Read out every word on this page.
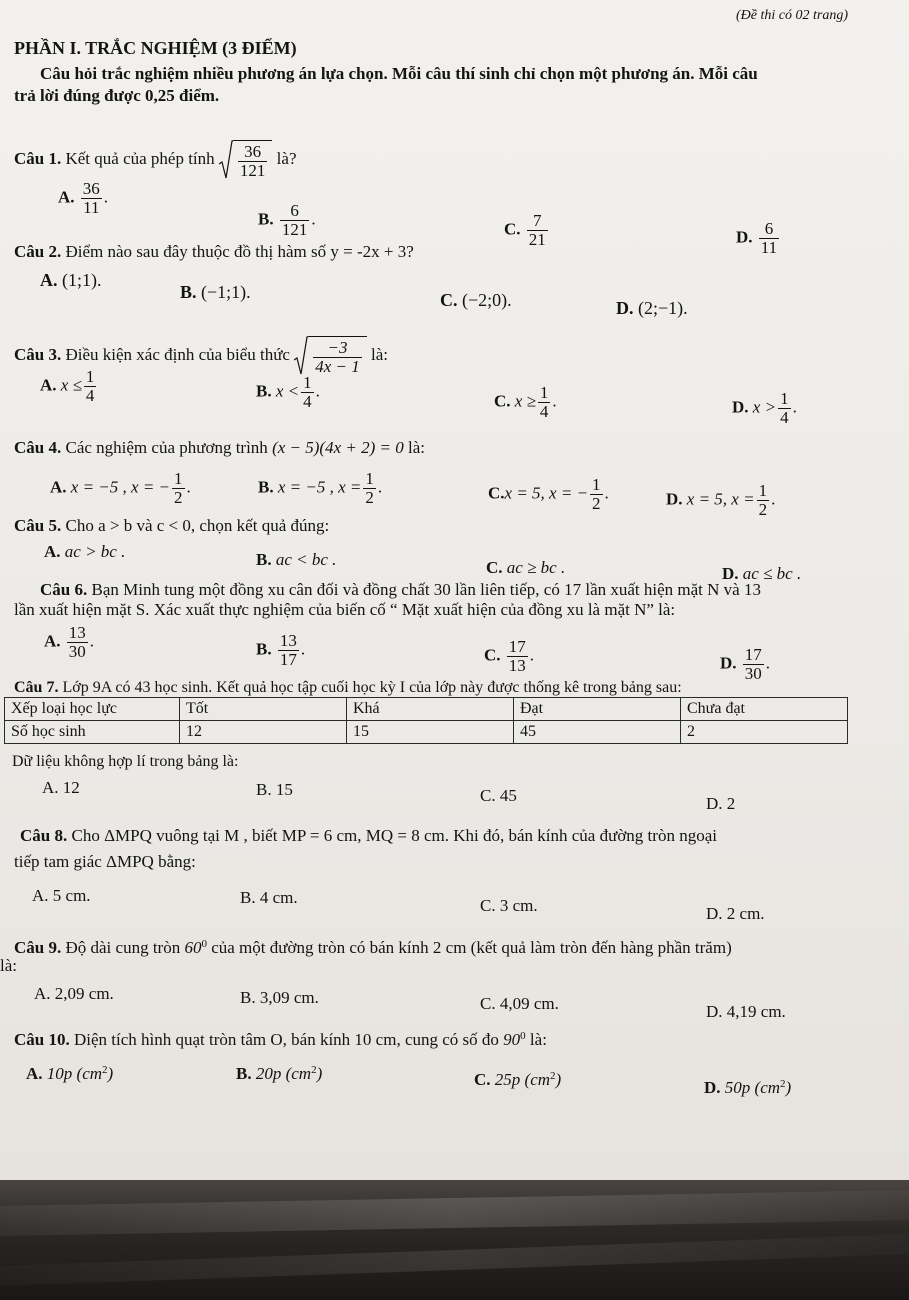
(Đề thi có 02 trang)
PHẦN I. TRẮC NGHIỆM (3 ĐIỂM)
Câu hỏi trắc nghiệm nhiều phương án lựa chọn. Mỗi câu thí sinh chỉ chọn một phương án. Mỗi câu
trả lời đúng được 0,25 điểm.
Câu 1. Kết quả của phép tính $\frac{36}{121}$ là?
A. $\frac{36}{11}$ .
B. $\frac{6}{121}$ .
C. $\frac{7}{21}$	D. $\frac{6}{11}$
Câu 2. Điểm nào sau đây thuộc đồ thị hàm số y = -2x + 3?
A. (1;1).
B. (−1;1).	C. (−2;0).	D. (2;−1).
Câu 3. Điều kiện xác định của biểu thức $\frac{-3}{4x - 1}$ là:
A. $x \le \frac{1}{4}$	B. $x < \frac{1}{4}$ .
C. $x \ge \frac{1}{4}$ .	D. $x > \frac{1}{4}$ .
Câu 4. Các nghiệm của phương trình (x − 5)(4x + 2) = 0 là:
A. x = −5 , x = − $\frac{1}{2}$ .	B. x = −5 , $x = \frac{1}{2}$ .	C.x = 5, x = − $\frac{1}{2}$ .	D. x = 5, $x = \frac{1}{2}$ .
Câu 5. Cho a > b và c < 0, chọn kết quả đúng:
A. ac > bc .	B. ac < bc .	C. ac ≥ bc .	D. ac ≤ bc .
Câu 6. Bạn Minh tung một đồng xu cân đối và đồng chất 30 lần liên tiếp, có 17 lần xuất hiện mặt N và 13
lần xuất hiện mặt S. Xác xuất thực nghiệm của biến cố “ Mặt xuất hiện của đồng xu là mặt N” là:
A. $\frac{13}{30}$ .	B. $\frac{13}{17}$ .	C. $\frac{17}{13}$ .	D. $\frac{17}{30}$ .
Câu 7. Lớp 9A có 43 học sinh. Kết quả học tập cuối học kỳ I của lớp này được thống kê trong bảng sau:
Xếp loại học lực	Tốt	Khá	Đạt	Chưa đạt
Số học sinh	12	15	45	2
Dữ liệu không hợp lí trong bảng là:
A. 12	B. 15	C. 45	D. 2
Câu 8. Cho ΔMPQ vuông tại M , biết MP = 6 cm, MQ = 8 cm. Khi đó, bán kính của đường tròn ngoại
tiếp tam giác ΔMPQ bằng:
A. 5 cm.	B. 4 cm.	C. 3 cm.	D. 2 cm.
Câu 9. Độ dài cung tròn $60^0$ của một đường tròn có bán kính 2 cm (kết quả làm tròn đến hàng phần trăm)
là:
A. 2,09 cm.	B. 3,09 cm.	C. 4,09 cm.	D. 4,19 cm.
Câu 10. Diện tích hình quạt tròn tâm O, bán kính 10 cm, cung có số đo $90^0$ là:
A. 10p $(cm^2)$	B. 20p $(cm^2)$	C. 25p $(cm^2)$	D. 50p $(cm^2)$
